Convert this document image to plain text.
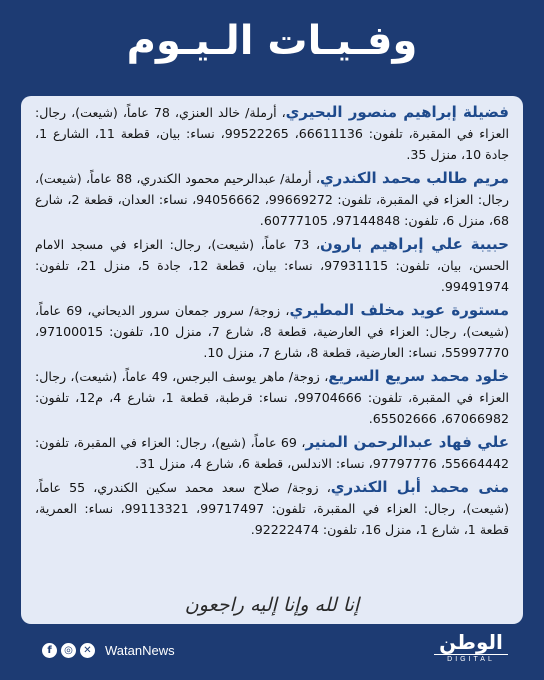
وفـيـات الـيـوم

فضيلة إبراهيم منصور البحيري، أرملة/ خالد العنزي، 78 عاماً، (شيعت)، رجال: العزاء في المقبرة، تلفون: 66611136، 99522265، نساء: بيان، قطعة 11، الشارع 1، جادة 10، منزل 35.

مريم طالب محمد الكندري، أرملة/ عبدالرحيم محمود الكندري، 88 عاماً، (شيعت)، رجال: العزاء في المقبرة، تلفون: 99669272، 94056662، نساء: العدان، قطعة 2، شارع 68، منزل 6، تلفون: 97144848، 60777105.

حبيبة علي إبراهيم بارون، 73 عاماً، (شيعت)، رجال: العزاء في مسجد الامام الحسن، بيان، تلفون: 97931115، نساء: بيان، قطعة 12، جادة 5، منزل 21، تلفون: 99491974.

مستورة عويد مخلف المطيري، زوجة/ سرور جمعان سرور الديحاني، 69 عاماً، (شيعت)، رجال: العزاء في العارضية، قطعة 8، شارع 7، منزل 10، تلفون: 97100015، 55997770، نساء: العارضية، قطعة 8، شارع 7، منزل 10.

خلود محمد سريع السريع، زوجة/ ماهر يوسف البرجس، 49 عاماً، (شيعت)، رجال: العزاء في المقبرة، تلفون: 99704666، نساء: قرطبة، قطعة 1، شارع 4، م12، تلفون: 67066982، 65502666.

علي فهاد عبدالرحمن المنير، 69 عاماً، (شيع)، رجال: العزاء في المقبرة، تلفون: 55664442، 97797776، نساء: الاندلس، قطعة 6، شارع 4، منزل 31.

منى محمد أبل الكندري، زوجة/ صلاح سعد محمد سكين الكندري، 55 عاماً، (شيعت)، رجال: العزاء في المقبرة، تلفون: 99717497، 99113321، نساء: العمرية، قطعة 1، شارع 1، منزل 16، تلفون: 92222474.

إنا لله وإنا إليه راجعون
f	◎	✕ WatanNews	الوطن
DIGITAL
